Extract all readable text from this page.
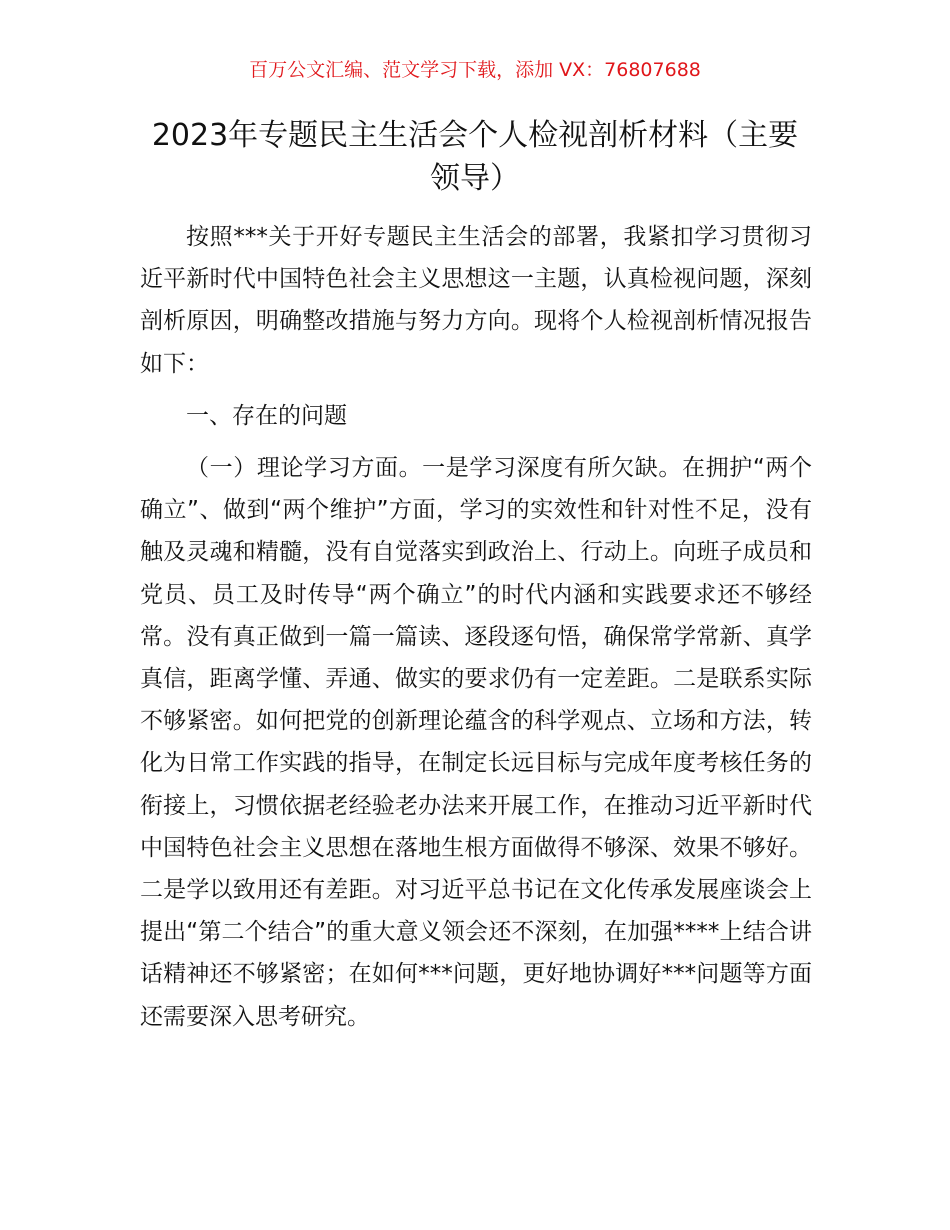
百万公文汇编、范文学习下载，添加 VX：76807688
2023年专题民主生活会个人检视剖析材料（主要领导）

按照***关于开好专题民主生活会的部署，我紧扣学习贯彻习近平新时代中国特色社会主义思想这一主题，认真检视问题，深刻剖析原因，明确整改措施与努力方向。现将个人检视剖析情况报告如下：

一、存在的问题

（一）理论学习方面。一是学习深度有所欠缺。在拥护“两个确立”、做到“两个维护”方面，学习的实效性和针对性不足，没有触及灵魂和精髓，没有自觉落实到政治上、行动上。向班子成员和党员、员工及时传导“两个确立”的时代内涵和实践要求还不够经常。没有真正做到一篇一篇读、逐段逐句悟，确保常学常新、真学真信，距离学懂、弄通、做实的要求仍有一定差距。二是联系实际不够紧密。如何把党的创新理论蕴含的科学观点、立场和方法，转化为日常工作实践的指导，在制定长远目标与完成年度考核任务的衔接上，习惯依据老经验老办法来开展工作，在推动习近平新时代中国特色社会主义思想在落地生根方面做得不够深、效果不够好。二是学以致用还有差距。对习近平总书记在文化传承发展座谈会上提出“第二个结合”的重大意义领会还不深刻，在加强****上结合讲话精神还不够紧密；在如何***问题，更好地协调好***问题等方面还需要深入思考研究。
